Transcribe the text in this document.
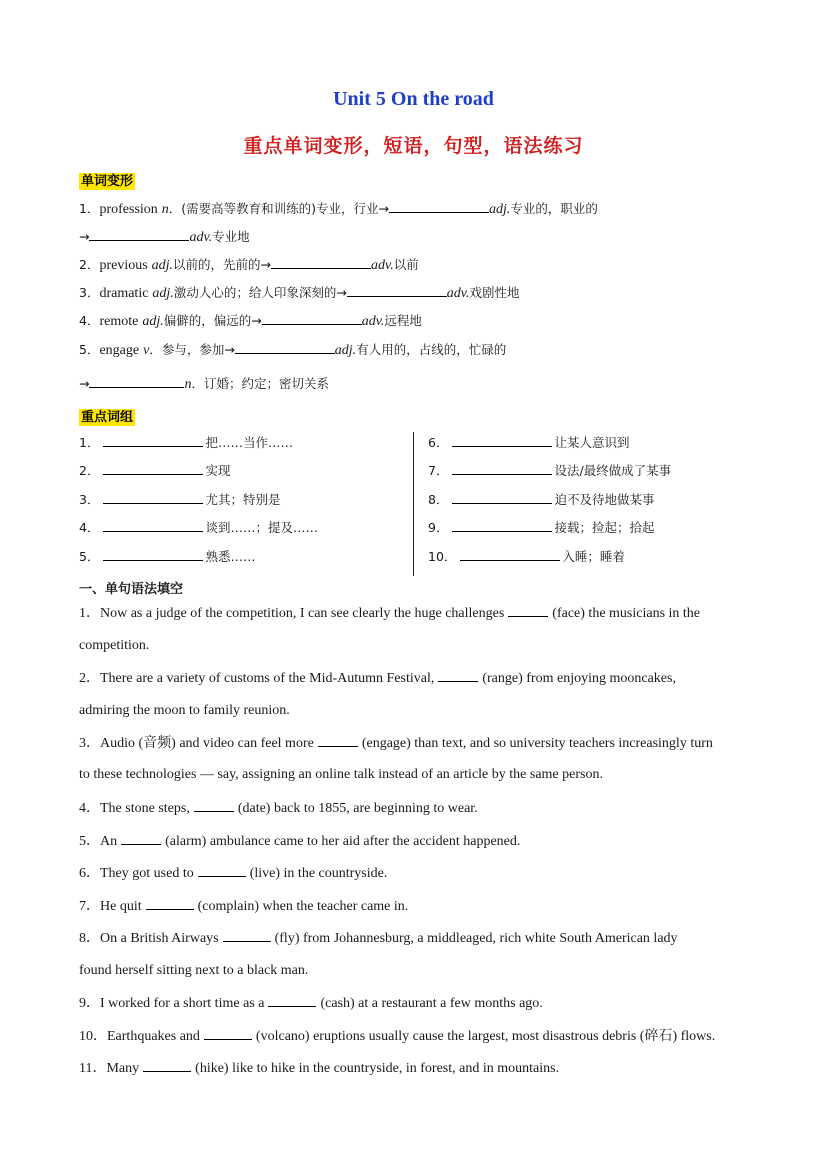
Unit 5 On the road
重点单词变形，短语，句型，语法练习
单词变形
1．profession n．(需要高等教育和训练的)专业，行业→	adj.专业的，职业的
→	adv.专业地
2．previous adj.以前的，先前的→	adv.以前
3．dramatic adj.激动人心的；给人印象深刻的→	adv.戏剧性地
4．remote adj.偏僻的，偏远的→	adv.远程地
5．engage v．参与，参加→	adj.有人用的，占线的，忙碌的
→	n．订婚；约定；密切关系
重点词组
1．	把……当作……
2．	实现
3．	尤其；特别是
4．	谈到……；提及……
5．	熟悉……
6．	让某人意识到
7．	设法/最终做成了某事
8．	迫不及待地做某事
9．	接载；捡起；拾起
10．	入睡；睡着
一、单句语法填空
1．Now as a judge of the competition, I can see clearly the huge challenges	(face) the musicians in the
competition.
2．There are a variety of customs of the Mid-Autumn Festival,	(range) from enjoying mooncakes,
admiring the moon to family reunion.
3．Audio (音频) and video can feel more	(engage) than text, and so university teachers increasingly turn
to these technologies — say, assigning an online talk instead of an article by the same person.
4．The stone steps,	(date) back to 1855, are beginning to wear.
5．An	(alarm) ambulance came to her aid after the accident happened.
6．They got used to	(live) in the countryside.
7．He quit	(complain) when the teacher came in.
8．On a British Airways	(fly) from Johannesburg, a middleaged, rich white South American lady
found herself sitting next to a black man.
9．I worked for a short time as a	(cash) at a restaurant a few months ago.
10．Earthquakes and	(volcano) eruptions usually cause the largest, most disastrous debris (碎石) flows.
11．Many	(hike) like to hike in the countryside, in forest, and in mountains.
